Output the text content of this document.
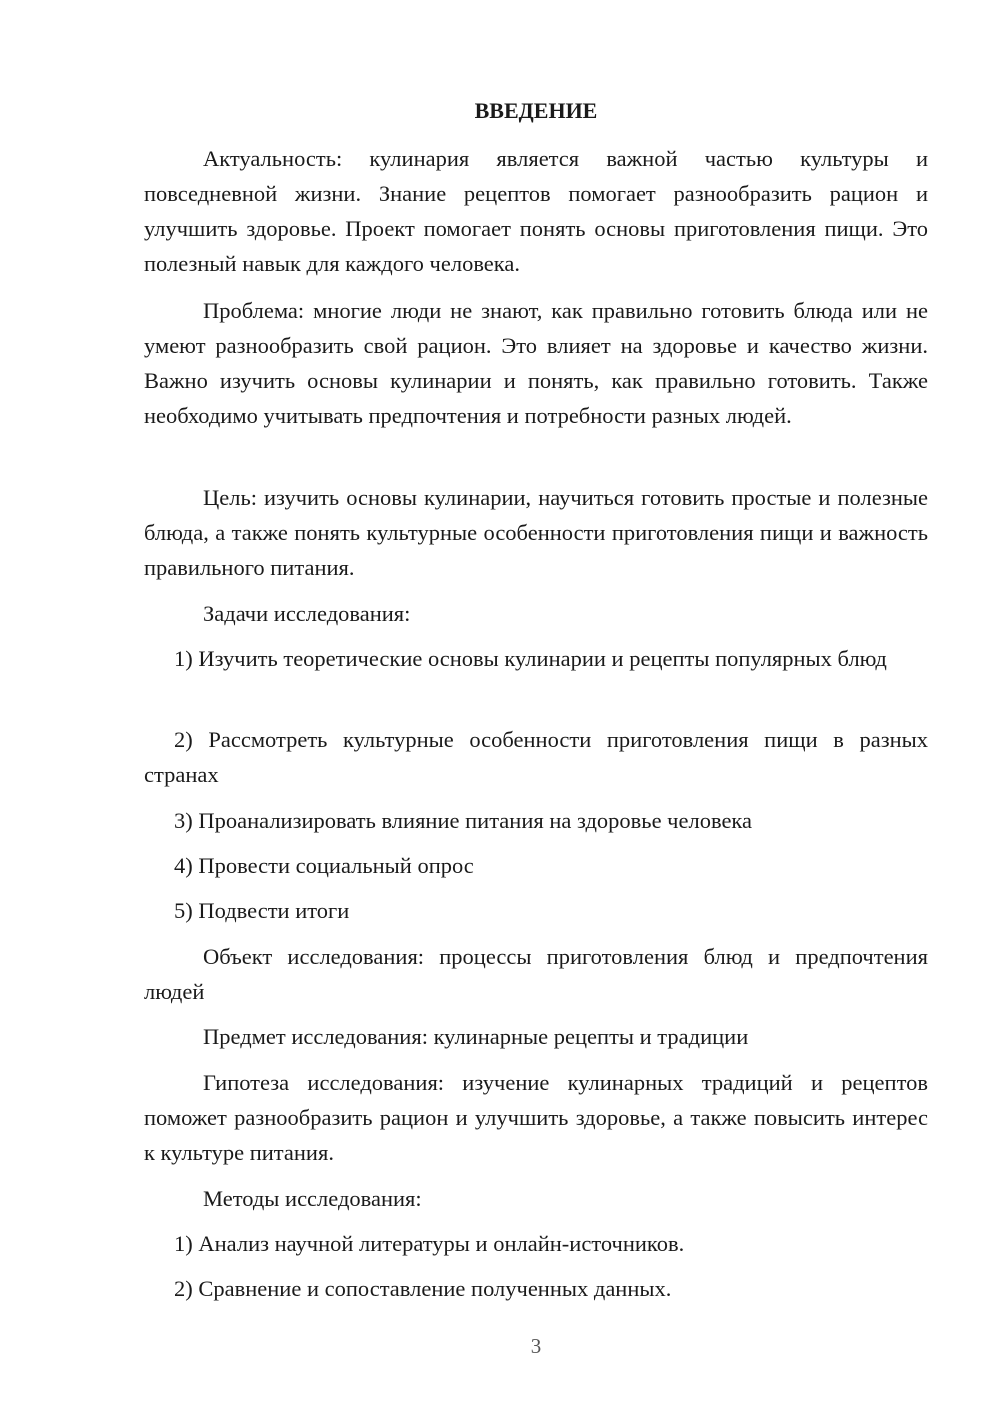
ВВЕДЕНИЕ

Актуальность: кулинария является важной частью культуры и повседневной жизни. Знание рецептов помогает разнообразить рацион и улучшить здоровье. Проект помогает понять основы приготовления пищи. Это полезный навык для каждого человека.

Проблема: многие люди не знают, как правильно готовить блюда или не умеют разнообразить свой рацион. Это влияет на здоровье и качество жизни. Важно изучить основы кулинарии и понять, как правильно готовить. Также необходимо учитывать предпочтения и потребности разных людей.

Цель: изучить основы кулинарии, научиться готовить простые и полезные блюда, а также понять культурные особенности приготовления пищи и важность правильного питания.

Задачи исследования:

1) Изучить теоретические основы кулинарии и рецепты популярных блюд

2) Рассмотреть культурные особенности приготовления пищи в разных странах

3) Проанализировать влияние питания на здоровье человека

4) Провести социальный опрос

5) Подвести итоги

Объект исследования: процессы приготовления блюд и предпочтения людей

Предмет исследования: кулинарные рецепты и традиции

Гипотеза исследования: изучение кулинарных традиций и рецептов поможет разнообразить рацион и улучшить здоровье, а также повысить интерес к культуре питания.

Методы исследования:

1) Анализ научной литературы и онлайн-источников.

2) Сравнение и сопоставление полученных данных.

3
